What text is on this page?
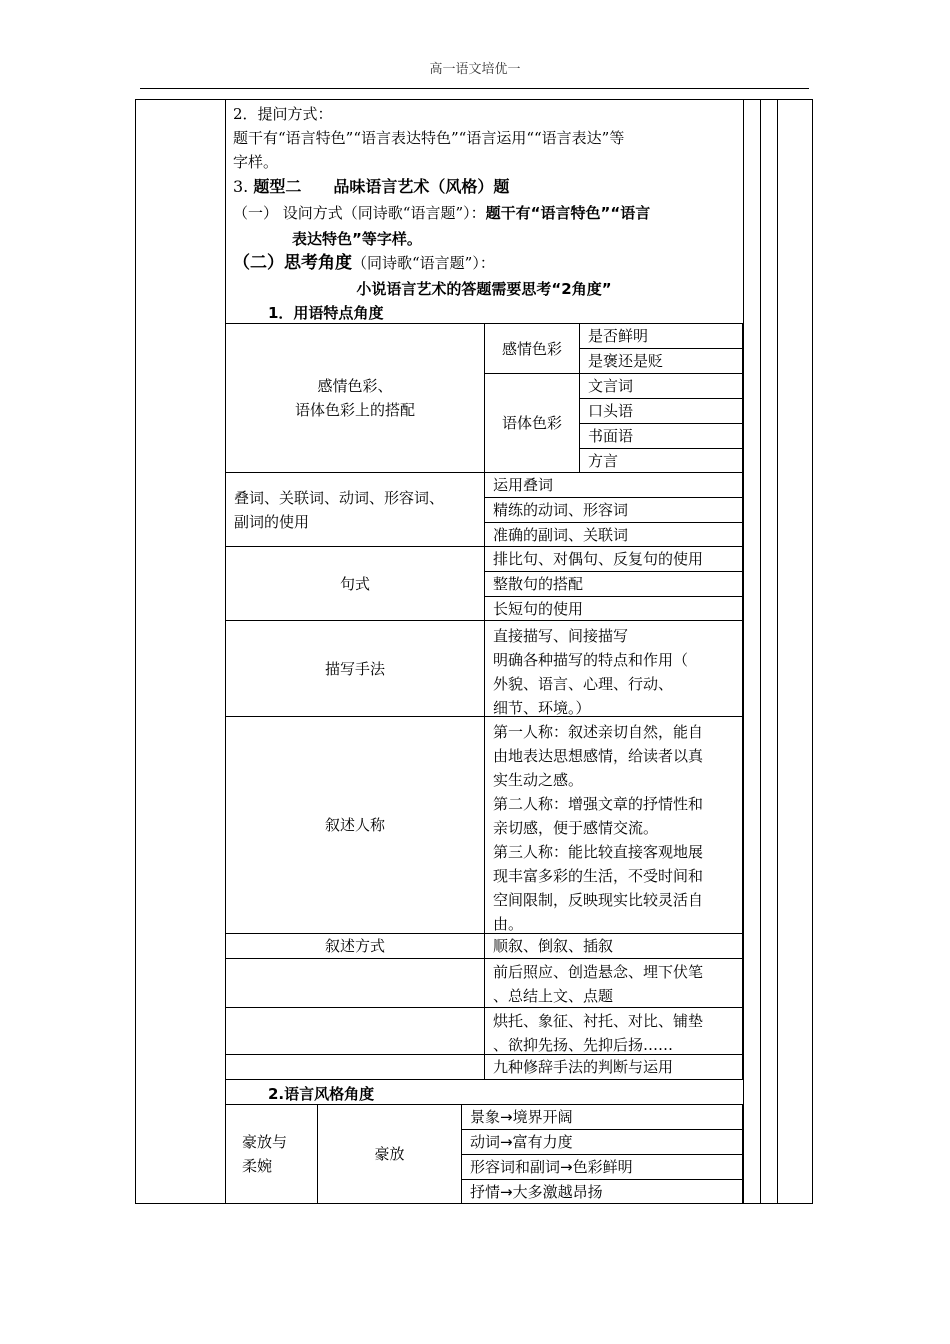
高一语文培优一
2．提问方式：
题干有“语言特色”“语言表达特色”“语言运用““语言表达”等
字样。
3. 题型二　　品味语言艺术（风格）题
（一） 设问方式（同诗歌“语言题”）：题干有“语言特色”“语言
表达特色”等字样。
（二）思考角度（同诗歌“语言题”）：
小说语言艺术的答题需要思考“2角度”
1．用语特点角度
感情色彩、
语体色彩上的搭配
感情色彩
是否鲜明
是褒还是贬
语体色彩
文言词
口头语
书面语
方言
叠词、关联词、动词、形容词、
副词的使用
运用叠词
精练的动词、形容词
准确的副词、关联词
句式
排比句、对偶句、反复句的使用
整散句的搭配
长短句的使用
描写手法
直接描写、间接描写
明确各种描写的特点和作用（
外貌、语言、心理、行动、
细节、环境。）
叙述人称
第一人称：叙述亲切自然，能自
由地表达思想感情，给读者以真
实生动之感。
第二人称：增强文章的抒情性和
亲切感，便于感情交流。
第三人称：能比较直接客观地展
现丰富多彩的生活，不受时间和
空间限制，反映现实比较灵活自
由。
叙述方式	顺叙、倒叙、插叙
前后照应、创造悬念、埋下伏笔
、总结上文、点题
烘托、象征、衬托、对比、铺垫
、欲抑先扬、先抑后扬……
九种修辞手法的判断与运用
2.语言风格角度
豪放与
柔婉
豪放
景象→境界开阔
动词→富有力度
形容词和副词→色彩鲜明
抒情→大多激越昂扬
